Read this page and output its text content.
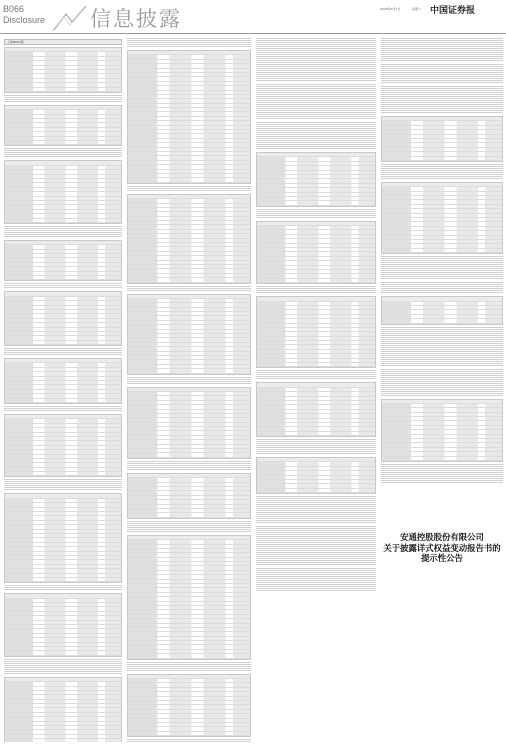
B066
Disclosure 信息披露	2020年3月7日	星期六 中国证券报
上接B065版
安通控股股份有限公司
关于披露详式权益变动报告书的
提示性公告
